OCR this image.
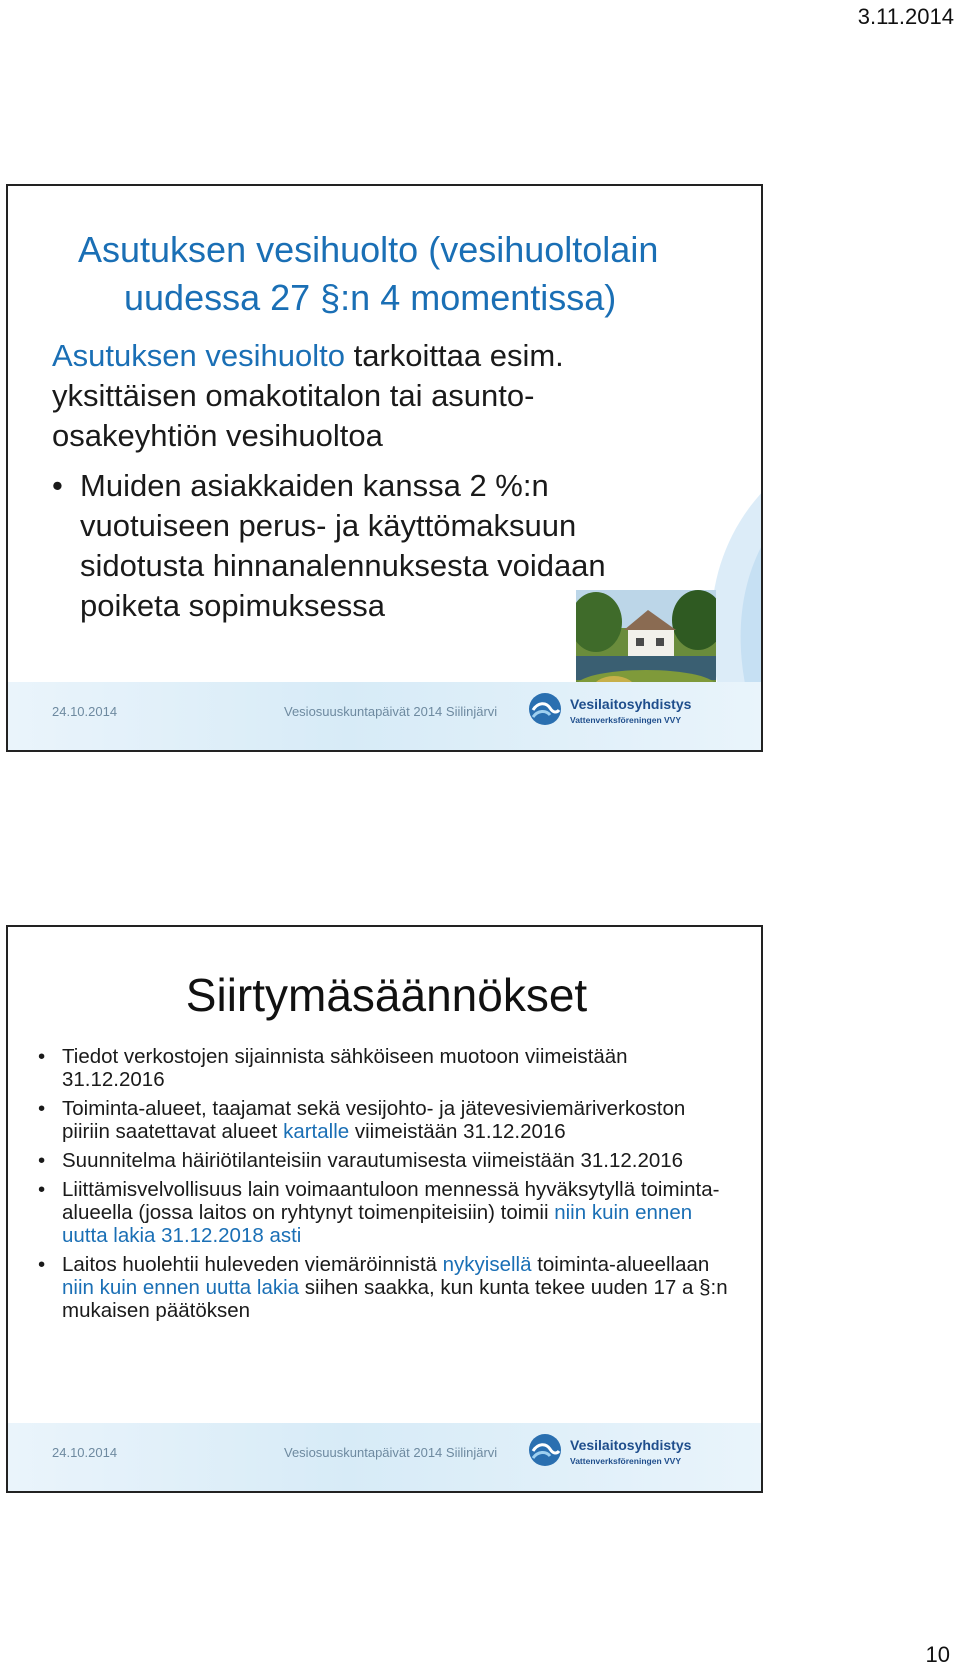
3.11.2014
Asutuksen vesihuolto (vesihuoltolain
uudessa 27 §:n 4 momentissa)

Asutuksen vesihuolto tarkoittaa esim. yksittäisen omakotitalon tai asunto-osakeyhtiön vesihuoltoa

• Muiden asiakkaiden kanssa 2 %:n vuotuiseen perus- ja käyttömaksuun sidotusta hinnanalennuksesta voidaan poiketa sopimuksessa

24.10.2014	Vesiosuuskuntapäivät 2014 Siilinjärvi	Vesilaitosyhdistys
Vattenverksföreningen VVY
Siirtymäsäännökset
• Tiedot verkostojen sijainnista sähköiseen muotoon viimeistään 31.12.2016
• Toiminta-alueet, taajamat sekä vesijohto- ja jätevesiviemäriverkoston piiriin saatettavat alueet kartalle viimeistään 31.12.2016
• Suunnitelma häiriötilanteisiin varautumisesta viimeistään 31.12.2016
• Liittämisvelvollisuus lain voimaantuloon mennessä hyväksytyllä toiminta-alueella (jossa laitos on ryhtynyt toimenpiteisiin) toimii niin kuin ennen uutta lakia 31.12.2018 asti
• Laitos huolehtii huleveden viemäröinnistä nykyisellä toiminta-alueellaan niin kuin ennen uutta lakia siihen saakka, kun kunta tekee uuden 17 a §:n mukaisen päätöksen
24.10.2014	Vesiosuuskuntapäivät 2014 Siilinjärvi	Vesilaitosyhdistys
Vattenverksföreningen VVY
10
